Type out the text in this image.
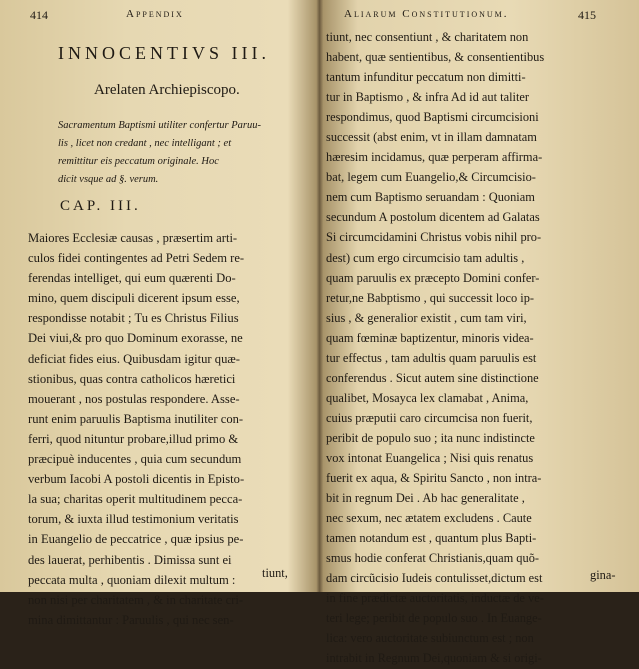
414	Appendix
INNOCENTIVS III.
Arelaten Archiepiscopo.
Sacramentum Baptismi utiliter confertur Paruu-
lis , licet non credant , nec intelligant ; et
remittitur eis peccatum originale. Hoc
dicit vsque ad §. verum.
CAP. III.
Maiores Ecclesiæ causas , præsertim arti-
culos fidei contingentes ad Petri Sedem re-
ferendas intelliget, qui eum quærenti Do-
mino, quem discipuli dicerent ipsum esse,
respondisse notabit ; Tu es Christus Filius
Dei viui,& pro quo Dominum exorasse, ne
deficiat fides eius. Quibusdam igitur quæ-
stionibus, quas contra catholicos hæretici
mouerant , nos postulas respondere. Asse-
runt enim paruulis Baptisma inutiliter con-
ferri, quod nituntur probare,illud primo &
præcipuè inducentes , quia cum secundum
verbum Iacobi A postoli dicentis in Episto-
la sua; charitas operit multitudinem pecca-
torum, & iuxta illud testimonium veritatis
in Euangelio de peccatrice , quæ ipsius pe-
des lauerat, perhibentis . Dimissa sunt ei
peccata multa , quoniam dilexit multum :
non nisi per charitatem , & in charitate cri-
mina dimittantur : Paruulis , qui nec sen-
tiunt,
Aliarum Constitutionum.	415
tiunt, nec consentiunt , & charitatem non
habent, quæ sentientibus, & consentientibus
tantum infunditur peccatum non dimitti-
tur in Baptismo , & infra Ad id aut taliter
respondimus, quod Baptismi circumcisioni
successit (abst enim, vt in illam damnatam
hæresim incidamus, quæ perperam affirma-
bat, legem cum Euangelio,& Circumcisio-
nem cum Baptismo seruandam : Quoniam
secundum A postolum dicentem ad Galatas
Si circumcidamini Christus vobis nihil pro-
dest) cum ergo circumcisio tam adultis ,
quam paruulis ex præcepto Domini confer-
retur,ne Babptismo , qui successit loco ip-
sius , & generalior existit , cum tam viri,
quam fœminæ baptizentur, minoris videa-
tur effectus , tam adultis quam paruulis est
conferendus . Sicut autem sine distinctione
qualibet, Mosayca lex clamabat , Anima,
cuius præputii caro circumcisa non fuerit,
peribit de populo suo ; ita nunc indistincte
vox intonat Euangelica ; Nisi quis renatus
fuerit ex aqua, & Spiritu Sancto , non intra-
bit in regnum Dei . Ab hac generalitate ,
nec sexum, nec ætatem excludens . Caute
tamen notandum est , quantum plus Bapti-
smus hodie conferat Christianis,quam quõ-
dam circũcisio Iudeis contulisset,dictum est
in fine prædictæ auctoritatis, inductæ de ve-
teri lege; peribit de populo suo . In Euange-
lica: vero auctoritate subiunctum est ; non
intrabit in Regnum Dei,quoniam & si origi-
gina-
